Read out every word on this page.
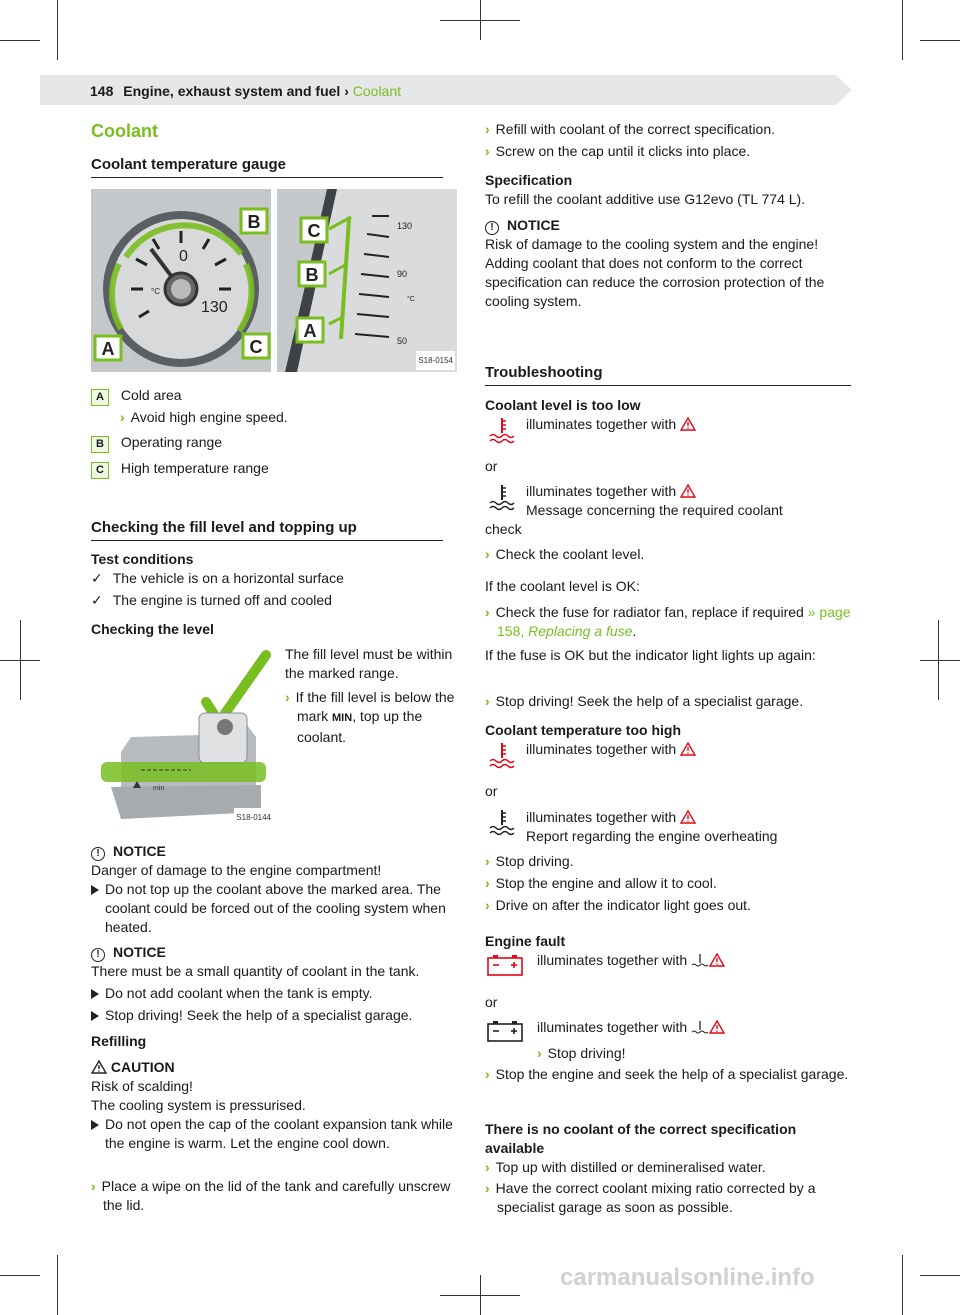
148 Engine, exhaust system and fuel › Coolant
Coolant
Coolant temperature gauge
0
130
°C
B
A	C
130
90
50
°C
C
B
A
S18-0154
A Cold area
› Avoid high engine speed.
B Operating range
C High temperature range
Checking the fill level and topping up
Test conditions
✓ The vehicle is on a horizontal surface
✓ The engine is turned off and cooled
Checking the level
min
S18-0144
The fill level must be within the marked range.
› If the fill level is below the mark MIN, top up the coolant.
! NOTICE
Danger of damage to the engine compartment!
Do not top up the coolant above the marked area. The coolant could be forced out of the cooling system when heated.
! NOTICE
There must be a small quantity of coolant in the tank.
Do not add coolant when the tank is empty.
Stop driving! Seek the help of a specialist garage.
Refilling
CAUTION
Risk of scalding!
The cooling system is pressurised.
Do not open the cap of the coolant expansion tank while the engine is warm. Let the engine cool down.
› Place a wipe on the lid of the tank and carefully unscrew the lid.
› Refill with coolant of the correct specification.
› Screw on the cap until it clicks into place.
Specification
To refill the coolant additive use G12evo (TL 774 L).
! NOTICE
Risk of damage to the cooling system and the engine!
Adding coolant that does not conform to the correct specification can reduce the corrosion protection of the cooling system.
Troubleshooting
Coolant level is too low
illuminates together with
or
illuminates together with
Message concerning the required coolant
check
› Check the coolant level.
If the coolant level is OK:
› Check the fuse for radiator fan, replace if required » page 158, Replacing a fuse.
If the fuse is OK but the indicator light lights up again:
› Stop driving! Seek the help of a specialist garage.
Coolant temperature too high
illuminates together with
or
illuminates together with
Report regarding the engine overheating
› Stop driving.
› Stop the engine and allow it to cool.
› Drive on after the indicator light goes out.
Engine fault
illuminates together with
or
illuminates together with
› Stop driving!
› Stop the engine and seek the help of a specialist garage.
There is no coolant of the correct specification available
› Top up with distilled or demineralised water.
› Have the correct coolant mixing ratio corrected by a specialist garage as soon as possible.
carmanualsonline.info
